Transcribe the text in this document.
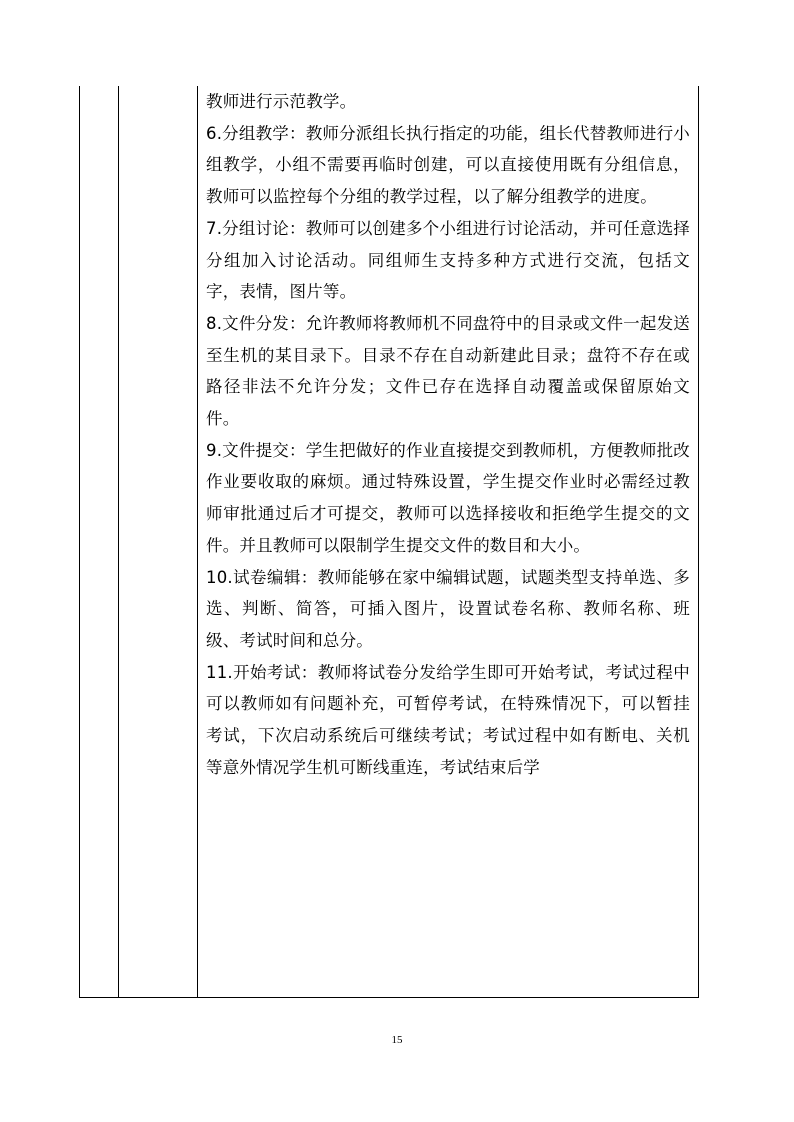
教师进行示范教学。

6.分组教学：教师分派组长执行指定的功能，组长代替教师进行小组教学，小组不需要再临时创建，可以直接使用既有分组信息，教师可以监控每个分组的教学过程，以了解分组教学的进度。

7.分组讨论：教师可以创建多个小组进行讨论活动，并可任意选择分组加入讨论活动。同组师生支持多种方式进行交流，包括文字，表情，图片等。

8.文件分发：允许教师将教师机不同盘符中的目录或文件一起发送至生机的某目录下。目录不存在自动新建此目录；盘符不存在或路径非法不允许分发；文件已存在选择自动覆盖或保留原始文件。

9.文件提交：学生把做好的作业直接提交到教师机，方便教师批改作业要收取的麻烦。通过特殊设置，学生提交作业时必需经过教师审批通过后才可提交，教师可以选择接收和拒绝学生提交的文件。并且教师可以限制学生提交文件的数目和大小。

10.试卷编辑：教师能够在家中编辑试题，试题类型支持单选、多选、判断、简答，可插入图片，设置试卷名称、教师名称、班级、考试时间和总分。

11.开始考试：教师将试卷分发给学生即可开始考试，考试过程中可以教师如有问题补充，可暂停考试，在特殊情况下，可以暂挂考试，下次启动系统后可继续考试；考试过程中如有断电、关机等意外情况学生机可断线重连，考试结束后学

15
